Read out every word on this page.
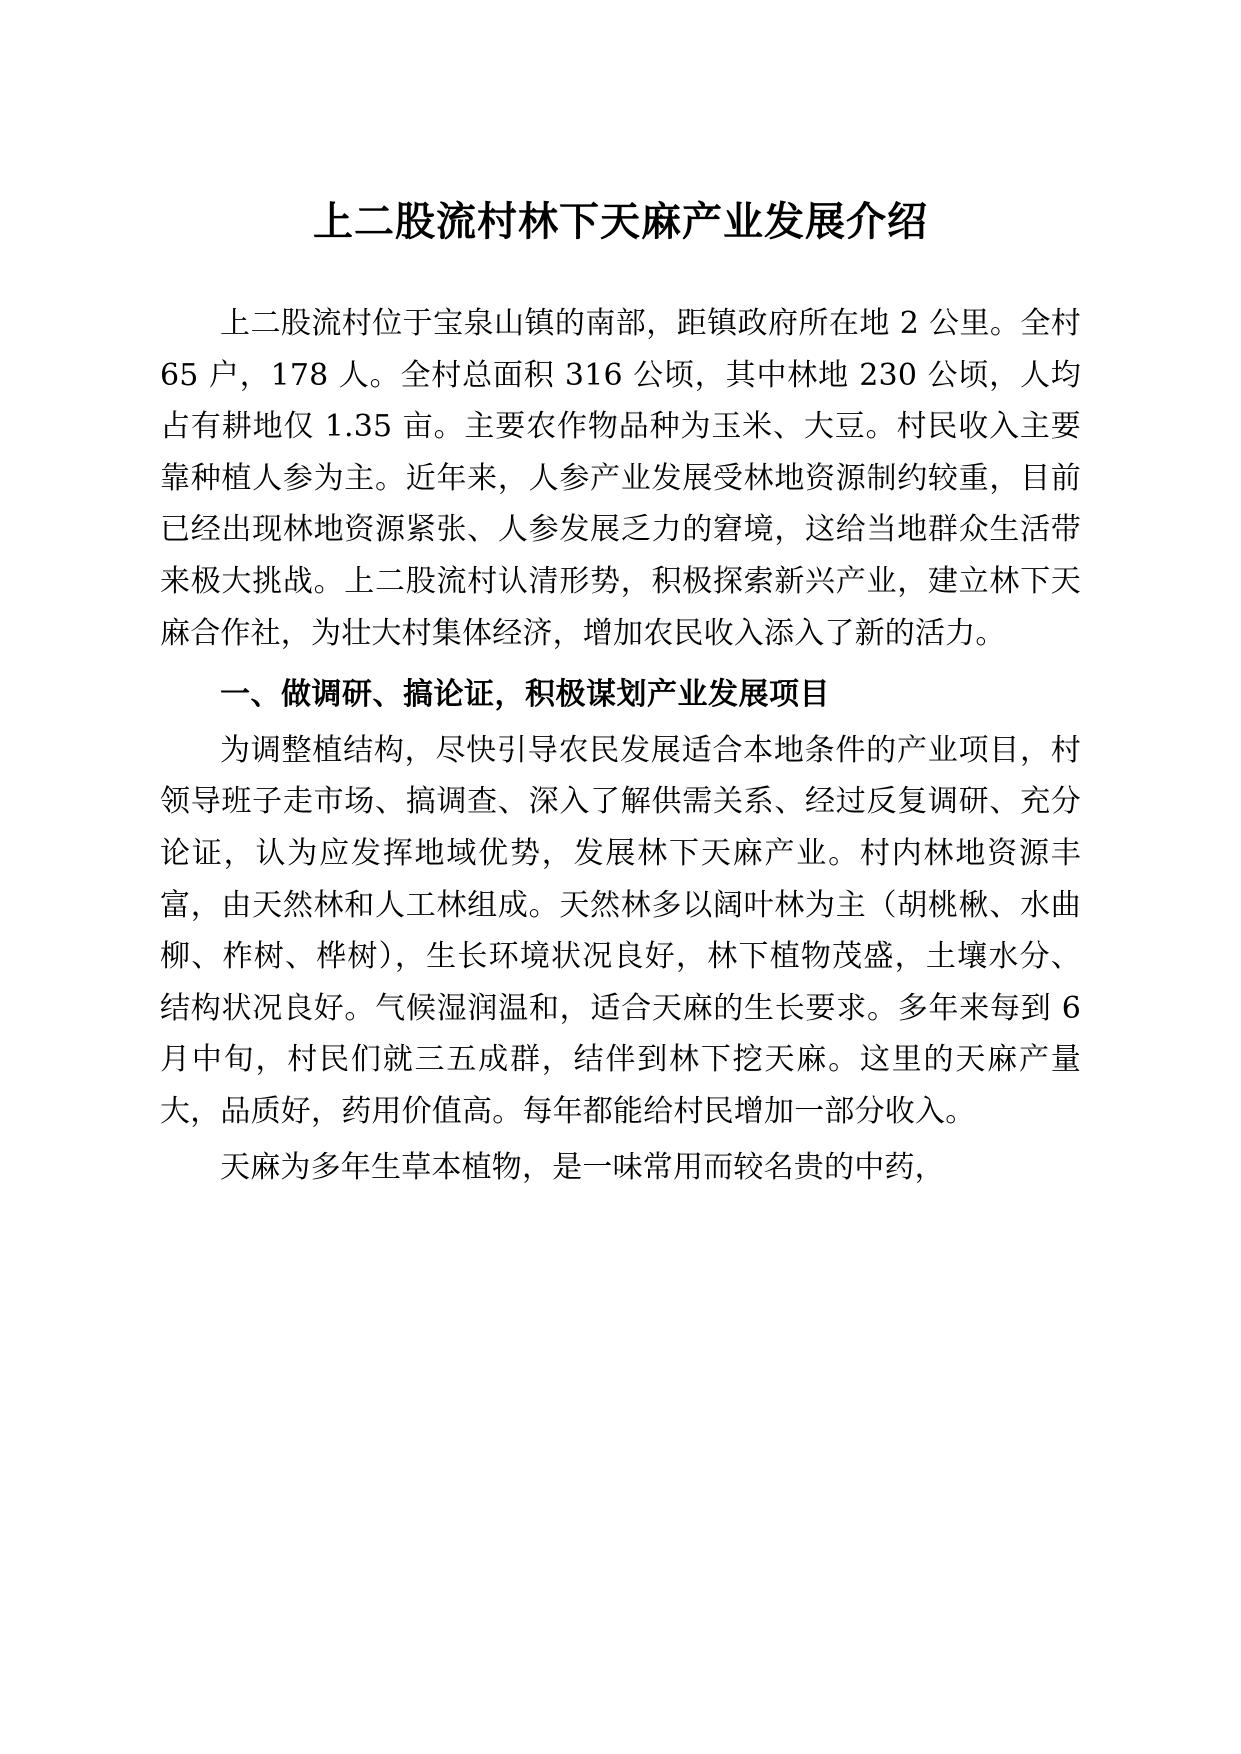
上二股流村林下天麻产业发展介绍

上二股流村位于宝泉山镇的南部，距镇政府所在地 2 公里。全村 65 户，178 人。全村总面积 316 公顷，其中林地 230 公顷，人均占有耕地仅 1.35 亩。主要农作物品种为玉米、大豆。村民收入主要靠种植人参为主。近年来，人参产业发展受林地资源制约较重，目前已经出现林地资源紧张、人参发展乏力的窘境，这给当地群众生活带来极大挑战。上二股流村认清形势，积极探索新兴产业，建立林下天麻合作社，为壮大村集体经济，增加农民收入添入了新的活力。

一、做调研、搞论证，积极谋划产业发展项目

为调整植结构，尽快引导农民发展适合本地条件的产业项目，村领导班子走市场、搞调查、深入了解供需关系、经过反复调研、充分论证，认为应发挥地域优势，发展林下天麻产业。村内林地资源丰富，由天然林和人工林组成。天然林多以阔叶林为主（胡桃楸、水曲柳、柞树、桦树），生长环境状况良好，林下植物茂盛，土壤水分、结构状况良好。气候湿润温和，适合天麻的生长要求。多年来每到 6 月中旬，村民们就三五成群，结伴到林下挖天麻。这里的天麻产量大，品质好，药用价值高。每年都能给村民增加一部分收入。

天麻为多年生草本植物，是一味常用而较名贵的中药，
